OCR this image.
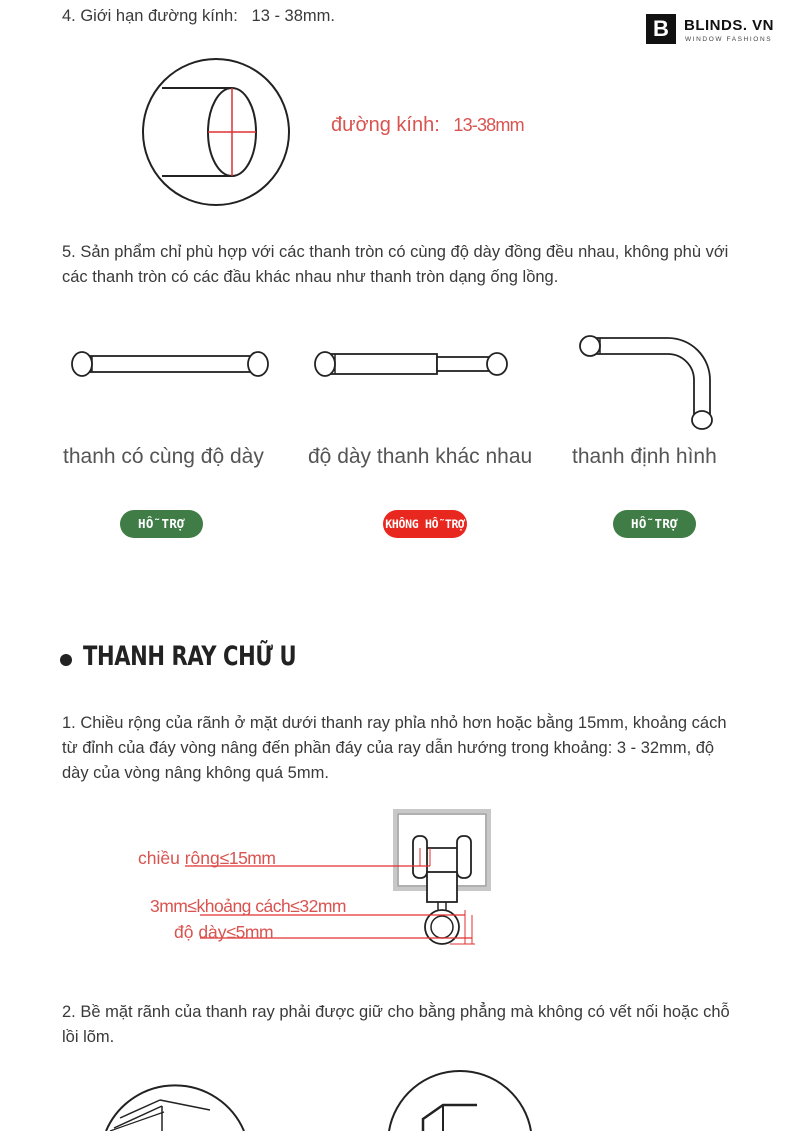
B	BLINDS. VN
WINDOW FASHIONS

4. Giới hạn đường kính:   13 - 38mm.

đường kính: 13-38mm

5. Sản phẩm chỉ phù hợp với các thanh tròn có cùng độ dày đồng đều nhau, không phù với các thanh tròn có các đầu khác nhau như thanh tròn dạng ống lồng.

thanh có cùng độ dày độ dày thanh khác nhau thanh định hình
HỖ TRỢ	KHÔNG HỖ TRỢ	HỖ TRỢ
THANH RAY CHỮ U

1. Chiều rộng của rãnh ở mặt dưới thanh ray phỉa nhỏ hơn hoặc bằng 15mm, khoảng cách từ đỉnh của đáy vòng nâng đến phần đáy của ray dẫn hướng trong khoảng: 3 - 32mm, độ dày của vòng nâng không quá 5mm.

chiều rộng≤15mm
3mm≤khoảng cách≤32mm
độ dày≤5mm

2. Bề mặt rãnh của thanh ray phải được giữ cho bằng phẳng mà không có vết nối hoặc chỗ lồi lõm.
